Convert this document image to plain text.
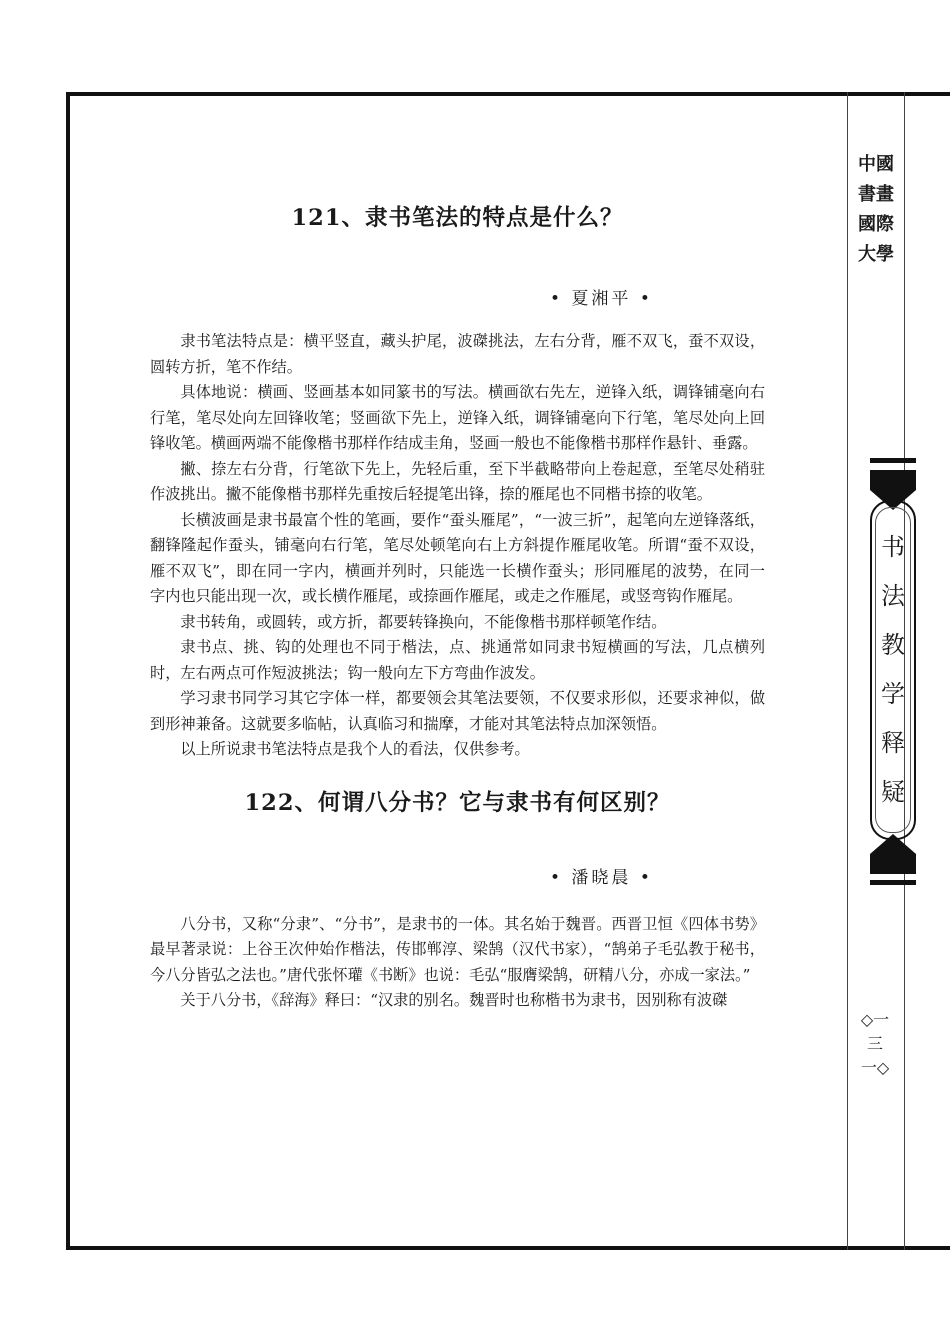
中國書畫國際大學
书法教学释疑
◇一三一◇
121、隶书笔法的特点是什么？

• 夏湘平 •

隶书笔法特点是：横平竖直，藏头护尾，波磔挑法，左右分背，雁不双飞，蚕不双设，圆转方折，笔不作结。

具体地说：横画、竖画基本如同篆书的写法。横画欲右先左，逆锋入纸，调锋铺毫向右行笔，笔尽处向左回锋收笔；竖画欲下先上，逆锋入纸，调锋铺毫向下行笔，笔尽处向上回锋收笔。横画两端不能像楷书那样作结成圭角，竖画一般也不能像楷书那样作悬针、垂露。

撇、捺左右分背，行笔欲下先上，先轻后重，至下半截略带向上卷起意，至笔尽处稍驻作波挑出。撇不能像楷书那样先重按后轻提笔出锋，捺的雁尾也不同楷书捺的收笔。

长横波画是隶书最富个性的笔画，要作“蚕头雁尾”，“一波三折”，起笔向左逆锋落纸，翻锋隆起作蚕头，铺毫向右行笔，笔尽处顿笔向右上方斜提作雁尾收笔。所谓“蚕不双设，雁不双飞”，即在同一字内，横画并列时，只能选一长横作蚕头；形同雁尾的波势，在同一字内也只能出现一次，或长横作雁尾，或捺画作雁尾，或走之作雁尾，或竖弯钩作雁尾。

隶书转角，或圆转，或方折，都要转锋换向，不能像楷书那样顿笔作结。

隶书点、挑、钩的处理也不同于楷法，点、挑通常如同隶书短横画的写法，几点横列时，左右两点可作短波挑法；钩一般向左下方弯曲作波发。

学习隶书同学习其它字体一样，都要领会其笔法要领，不仅要求形似，还要求神似，做到形神兼备。这就要多临帖，认真临习和揣摩，才能对其笔法特点加深领悟。

以上所说隶书笔法特点是我个人的看法，仅供参考。

122、何谓八分书？它与隶书有何区别？

• 潘晓晨 •

八分书，又称“分隶”、“分书”，是隶书的一体。其名始于魏晋。西晋卫恒《四体书势》最早著录说：上谷王次仲始作楷法，传邯郸淳、梁鹄（汉代书家），“鹄弟子毛弘教于秘书，今八分皆弘之法也。”唐代张怀瓘《书断》也说：毛弘“服膺梁鹄，研精八分，亦成一家法。”

关于八分书，《辞海》释曰：“汉隶的别名。魏晋时也称楷书为隶书，因别称有波磔
